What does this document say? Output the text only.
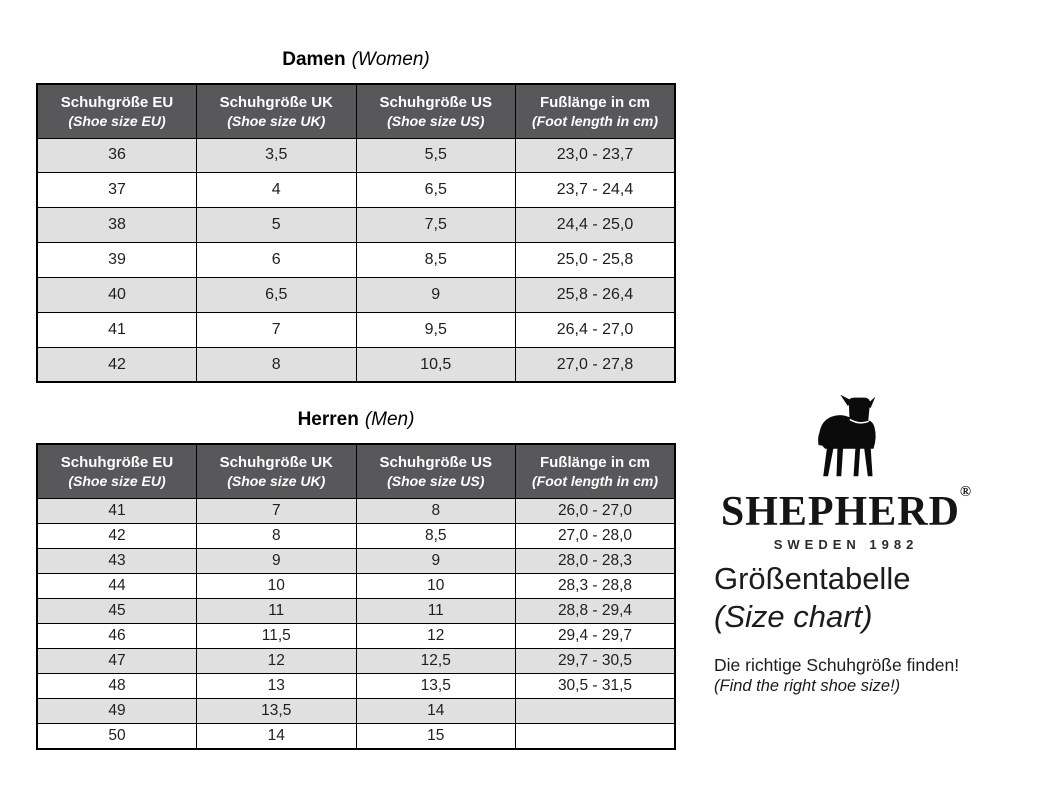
Damen (Women)
Schuhgröße EU
(Shoe size EU)

Schuhgröße UK
(Shoe size UK)

Schuhgröße US
(Shoe size US)

Fußlänge in cm
(Foot length in cm)

36	3,5	5,5	23,0 - 23,7
37	4	6,5	23,7 - 24,4
38	5	7,5	24,4 - 25,0
39	6	8,5	25,0 - 25,8
40	6,5	9	25,8 - 26,4
41	7	9,5	26,4 - 27,0
42	8	10,5	27,0 - 27,8
Herren (Men)
Schuhgröße EU
(Shoe size EU)

Schuhgröße UK
(Shoe size UK)

Schuhgröße US
(Shoe size US)

Fußlänge in cm
(Foot length in cm)

41	7	8	26,0 - 27,0
42	8	8,5	27,0 - 28,0
43	9	9	28,0 - 28,3
44	10	10	28,3 - 28,8
45	11	11	28,8 - 29,4
46	11,5	12	29,4 - 29,7
47	12	12,5	29,7 - 30,5
48	13	13,5	30,5 - 31,5
49	13,5	14	
50	14	15	
SHEPHERD®
SWEDEN 1982
Größentabelle
(Size chart)
Die richtige Schuhgröße finden!
(Find the right shoe size!)
